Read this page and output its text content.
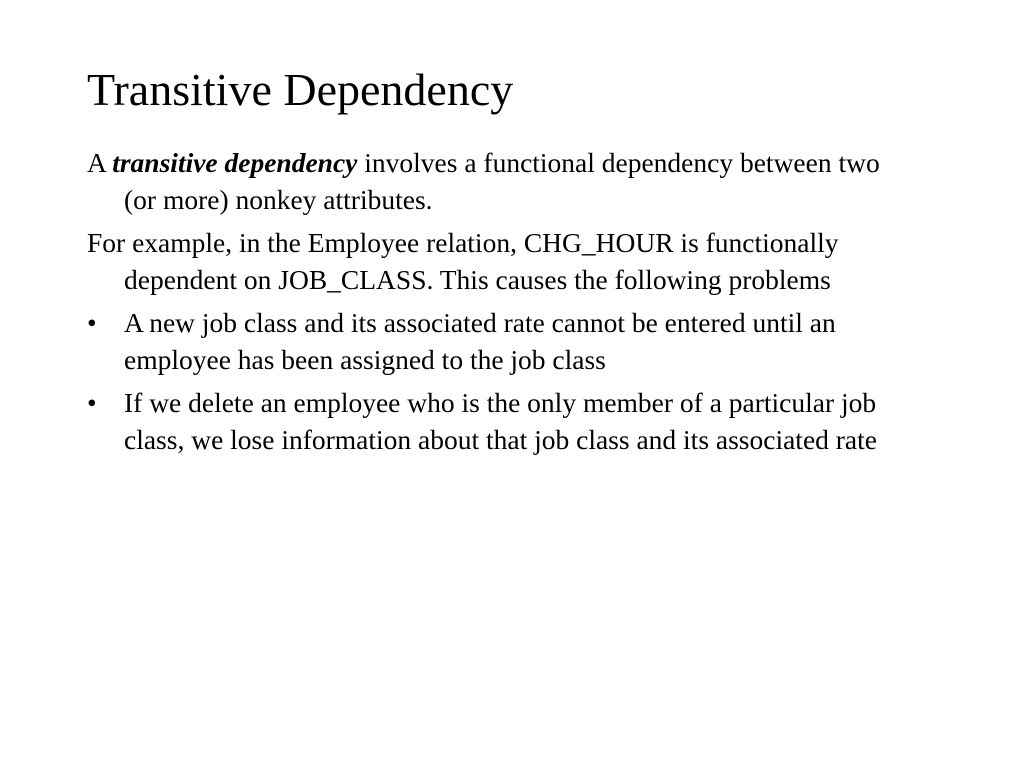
Transitive Dependency

A transitive dependency involves a functional dependency between two (or more) nonkey attributes.

For example, in the Employee relation, CHG_HOUR is functionally dependent on JOB_CLASS. This causes the following problems

• A new job class and its associated rate cannot be entered until an employee has been assigned to the job class
• If we delete an employee who is the only member of a particular job class, we lose information about that job class and its associated rate
